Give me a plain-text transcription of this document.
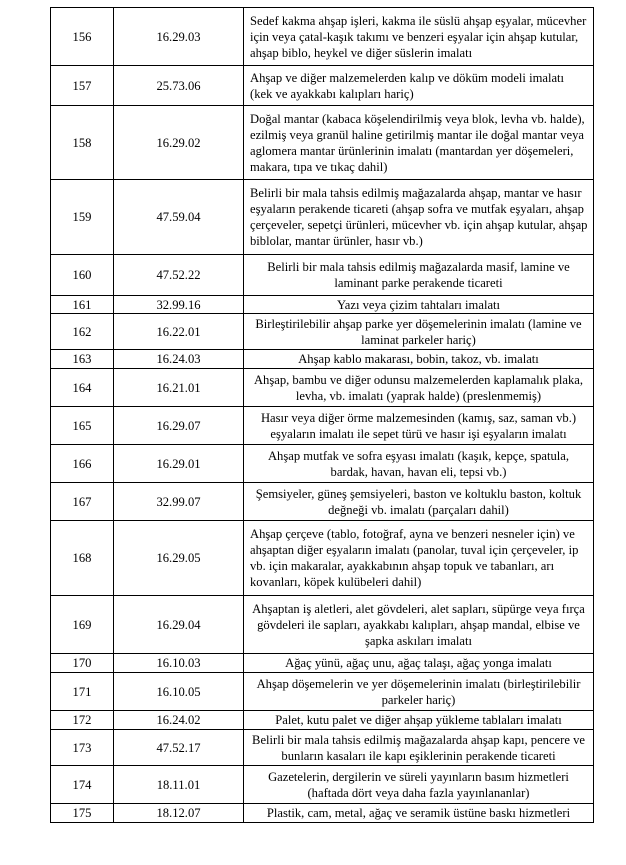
156	16.29.03	Sedef kakma ahşap işleri, kakma ile süslü ahşap eşyalar, mücevher için veya çatal-kaşık takımı ve benzeri eşyalar için ahşap kutular, ahşap biblo, heykel ve diğer süslerin imalatı
157	25.73.06	Ahşap ve diğer malzemelerden kalıp ve döküm modeli imalatı (kek ve ayakkabı kalıpları hariç)
158	16.29.02	Doğal mantar (kabaca köşelendirilmiş veya blok, levha vb. halde), ezilmiş veya granül haline getirilmiş mantar ile doğal mantar veya aglomera mantar ürünlerinin imalatı (mantardan yer döşemeleri, makara, tıpa ve tıkaç dahil)
159	47.59.04	Belirli bir mala tahsis edilmiş mağazalarda ahşap, mantar ve hasır eşyaların perakende ticareti (ahşap sofra ve mutfak eşyaları, ahşap çerçeveler, sepetçi ürünleri, mücevher vb. için ahşap kutular, ahşap biblolar, mantar ürünler, hasır vb.)
160	47.52.22	Belirli bir mala tahsis edilmiş mağazalarda masif, lamine ve laminant parke perakende ticareti
161	32.99.16	Yazı veya çizim tahtaları imalatı
162	16.22.01	Birleştirilebilir ahşap parke yer döşemelerinin imalatı (lamine ve laminat parkeler hariç)
163	16.24.03	Ahşap kablo makarası, bobin, takoz, vb. imalatı
164	16.21.01	Ahşap, bambu ve diğer odunsu malzemelerden kaplamalık plaka, levha, vb. imalatı (yaprak halde) (preslenmemiş)
165	16.29.07	Hasır veya diğer örme malzemesinden (kamış, saz, saman vb.) eşyaların imalatı ile sepet türü ve hasır işi eşyaların imalatı
166	16.29.01	Ahşap mutfak ve sofra eşyası imalatı (kaşık, kepçe, spatula, bardak, havan, havan eli, tepsi vb.)
167	32.99.07	Şemsiyeler, güneş şemsiyeleri, baston ve koltuklu baston, koltuk değneği vb. imalatı (parçaları dahil)
168	16.29.05	Ahşap çerçeve (tablo, fotoğraf, ayna ve benzeri nesneler için) ve ahşaptan diğer eşyaların imalatı (panolar, tuval için çerçeveler, ip vb. için makaralar, ayakkabının ahşap topuk ve tabanları, arı kovanları, köpek kulübeleri dahil)
169	16.29.04	Ahşaptan iş aletleri, alet gövdeleri, alet sapları, süpürge veya fırça gövdeleri ile sapları, ayakkabı kalıpları, ahşap mandal, elbise ve şapka askıları imalatı
170	16.10.03	Ağaç yünü, ağaç unu, ağaç talaşı, ağaç yonga imalatı
171	16.10.05	Ahşap döşemelerin ve yer döşemelerinin imalatı (birleştirilebilir parkeler hariç)
172	16.24.02	Palet, kutu palet ve diğer ahşap yükleme tablaları imalatı
173	47.52.17	Belirli bir mala tahsis edilmiş mağazalarda ahşap kapı, pencere ve bunların kasaları ile kapı eşiklerinin perakende ticareti
174	18.11.01	Gazetelerin, dergilerin ve süreli yayınların basım hizmetleri (haftada dört veya daha fazla yayınlananlar)
175	18.12.07	Plastik, cam, metal, ağaç ve seramik üstüne baskı hizmetleri
